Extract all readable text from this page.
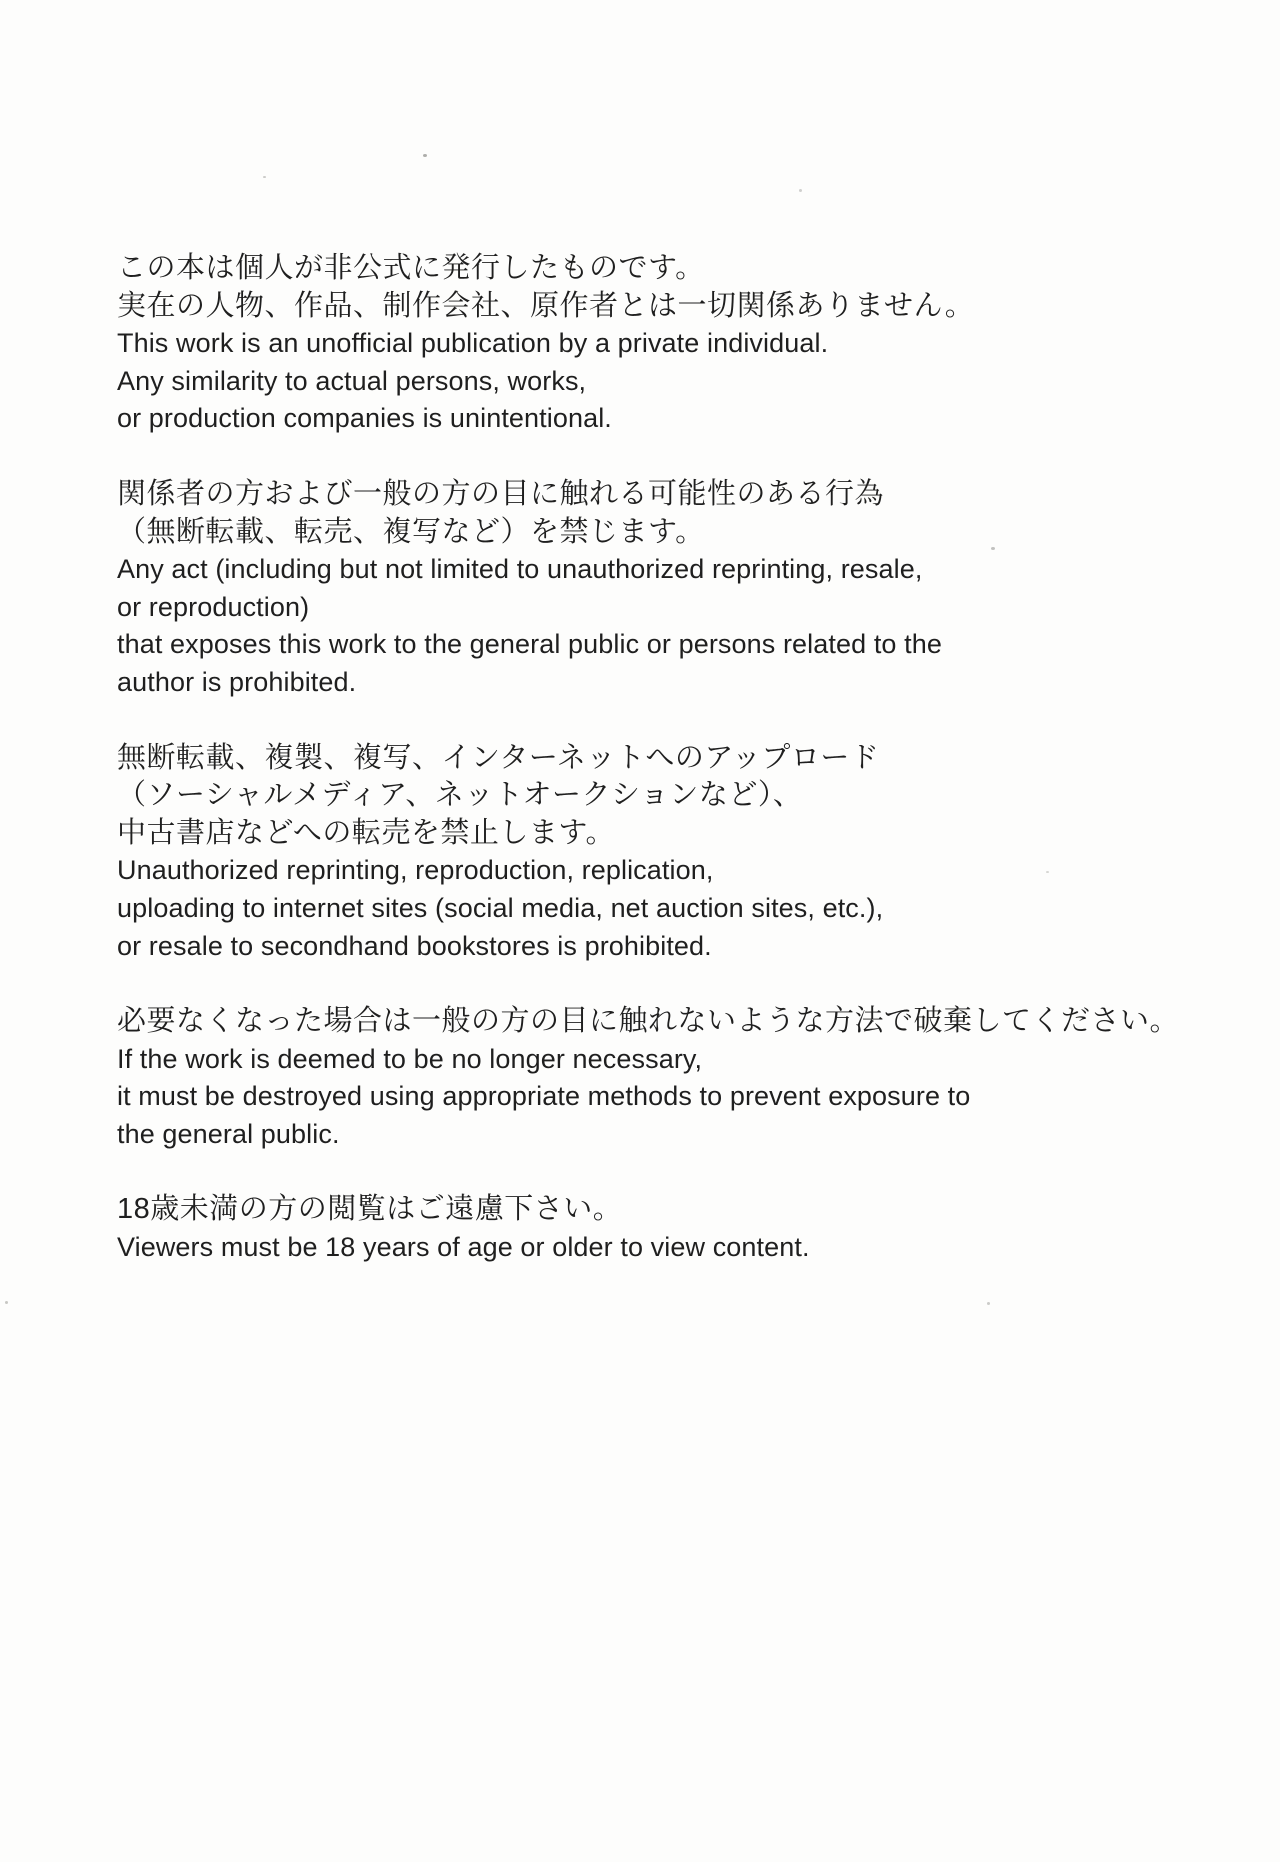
この本は個人が非公式に発行したものです。

実在の人物、作品、制作会社、原作者とは一切関係ありません。

This work is an unofficial publication by a private individual.

Any similarity to actual persons, works,

or production companies is unintentional.

関係者の方および一般の方の目に触れる可能性のある行為

（無断転載、転売、複写など）を禁じます。

Any act (including but not limited to unauthorized reprinting, resale,

or reproduction)

that exposes this work to the general public or persons related to the

author is prohibited.

無断転載、複製、複写、インターネットへのアップロード

（ソーシャルメディア、ネットオークションなど）、

中古書店などへの転売を禁止します。

Unauthorized reprinting, reproduction, replication,

uploading to internet sites (social media, net auction sites, etc.),

or resale to secondhand bookstores is prohibited.

必要なくなった場合は一般の方の目に触れないような方法で破棄してください。

If the work is deemed to be no longer necessary,

it must be destroyed using appropriate methods to prevent exposure to

the general public.

18歳未満の方の閲覧はご遠慮下さい。

Viewers must be 18 years of age or older to view content.
